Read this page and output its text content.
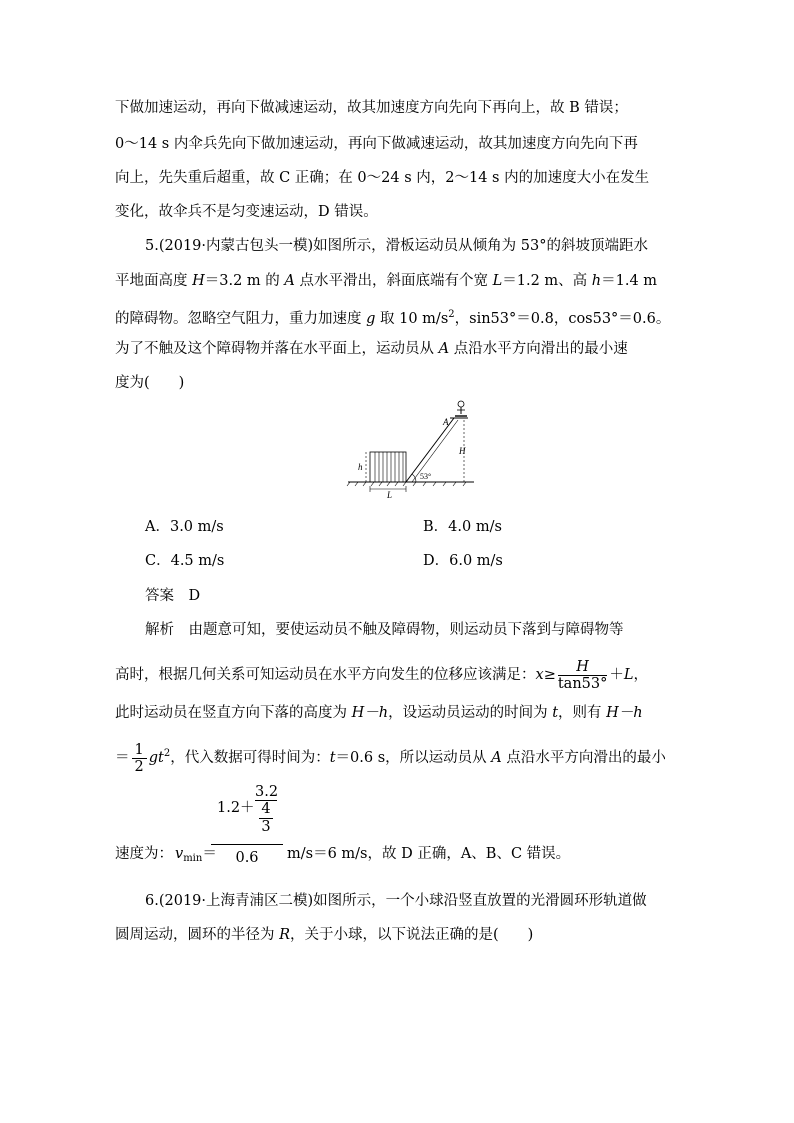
下做加速运动，再向下做减速运动，故其加速度方向先向下再向上，故 B 错误；
0～14 s 内伞兵先向下做加速运动，再向下做减速运动，故其加速度方向先向下再
向上，先失重后超重，故 C 正确；在 0～24 s 内，2～14 s 内的加速度大小在发生
变化，故伞兵不是匀变速运动，D 错误。
5.(2019·内蒙古包头一模)如图所示，滑板运动员从倾角为 53°的斜坡顶端距水
平地面高度 H＝3.2 m 的 A 点水平滑出，斜面底端有个宽 L＝1.2 m、高 h＝1.4 m
的障碍物。忽略空气阻力，重力加速度 g 取 10 $m/s^2$，sin53°＝0.8，cos53°＝0.6。
为了不触及这个障碍物并落在水平面上，运动员从 A 点沿水平方向滑出的最小速
度为(　　)
h
L
A
H
53°
A．3.0 m/s	B．4.0 m/s
C．4.5 m/s	D．6.0 m/s
答案　 D
解析　 由题意可知，要使运动员不触及障碍物，则运动员下落到与障碍物等
高时，根据几何关系可知运动员在水平方向发生的位移应该满足：$x\ge \frac{H}{\tan 53^\circ} +L$，
此时运动员在竖直方向下落的高度为 H－h，设运动员运动的时间为 t，则有 H－h
＝ $\frac{1}{2} gt^2$，代入数据可得时间为：t＝0.6 s，所以运动员从 A 点沿水平方向滑出的最小
速度为： $v_{min}=$
1.2＋
3.2
4
3
0.6	m/s＝6 m/s，故 D 正确，A、B、C 错误。
6.(2019·上海青浦区二模)如图所示，一个小球沿竖直放置的光滑圆环形轨道做
圆周运动，圆环的半径为 R，关于小球，以下说法正确的是(　　)
